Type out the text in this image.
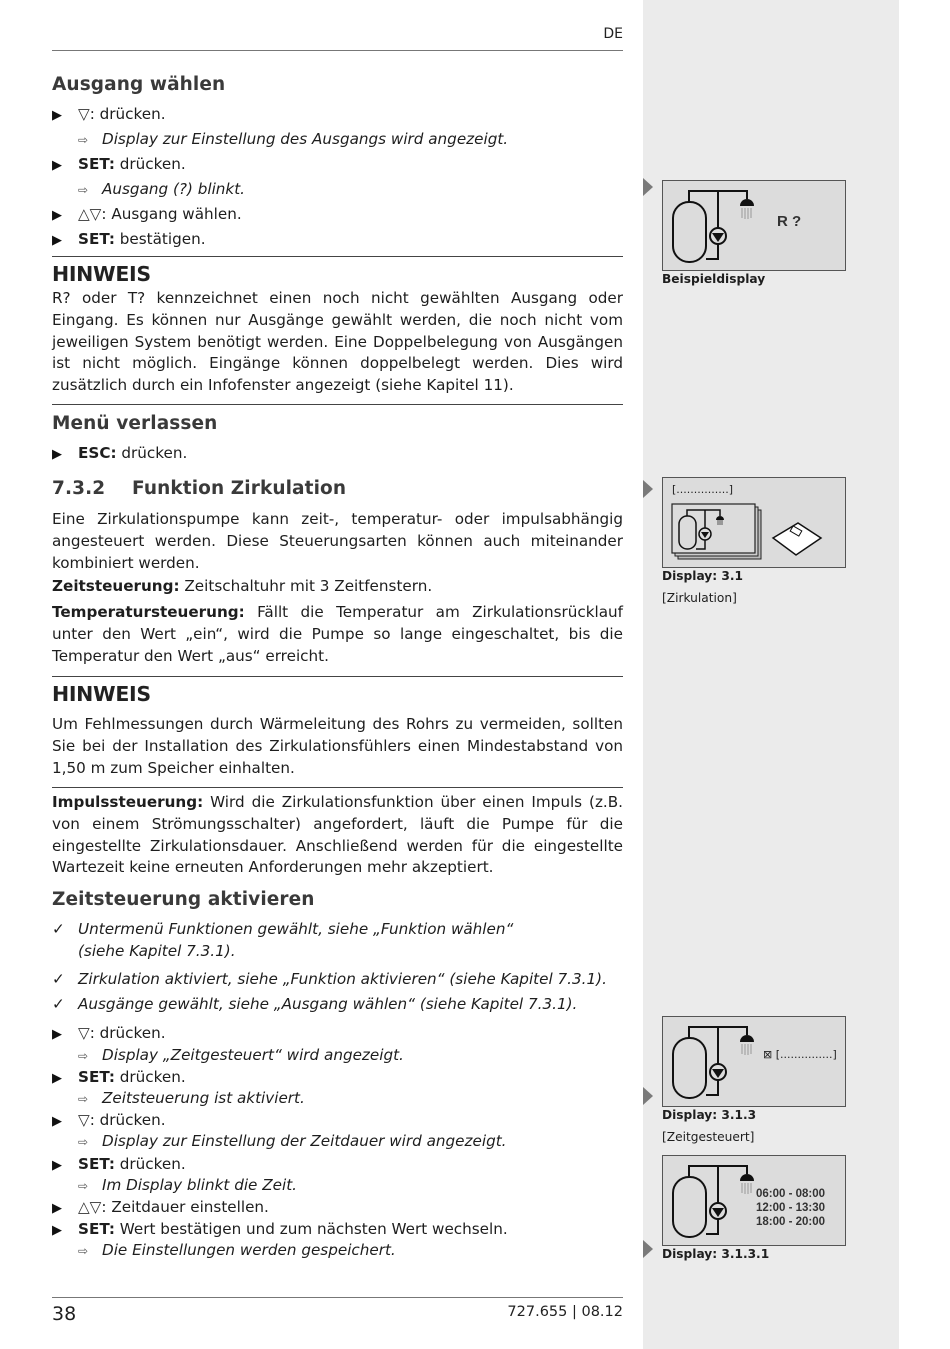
DE
Ausgang wählen
▶ ▽: drücken.
⇨ Display zur Einstellung des Ausgangs wird angezeigt.
▶ SET: drücken.
⇨ Ausgang (?) blinkt.
▶ △▽: Ausgang wählen.
▶ SET: bestätigen.
HINWEIS
R? oder T? kennzeichnet einen noch nicht gewählten Ausgang oder Eingang. Es können nur Ausgänge gewählt werden, die noch nicht vom jeweiligen System benötigt werden. Eine Doppelbelegung von Ausgängen ist nicht möglich. Eingänge können doppelbelegt werden. Dies wird zusätzlich durch ein Infofenster angezeigt (siehe Kapitel 11).
Menü verlassen
▶ ESC: drücken.
7.3.2 Funktion Zirkulation
Eine Zirkulationspumpe kann zeit-, temperatur- oder impulsabhängig angesteuert werden. Diese Steuerungsarten können auch miteinander kombiniert werden.
Zeitsteuerung: Zeitschaltuhr mit 3 Zeitfenstern.
Temperatursteuerung: Fällt die Temperatur am Zirkulationsrücklauf unter den Wert „ein“, wird die Pumpe so lange eingeschaltet, bis die Temperatur den Wert „aus“ erreicht.
HINWEIS
Um Fehlmessungen durch Wärmeleitung des Rohrs zu vermeiden, sollten Sie bei der Installation des Zirkulationsfühlers einen Mindestabstand von 1,50 m zum Speicher einhalten.
Impulssteuerung: Wird die Zirkulationsfunktion über einen Impuls (z.B. von einem Strömungsschalter) angefordert, läuft die Pumpe für die eingestellte Zirkulationsdauer. Anschließend werden für die eingestellte Wartezeit keine erneuten Anforderungen mehr akzeptiert.
Zeitsteuerung aktivieren
✓ Untermenü Funktionen gewählt, siehe „Funktion wählen“
(siehe Kapitel 7.3.1).
✓ Zirkulation aktiviert, siehe „Funktion aktivieren“ (siehe Kapitel 7.3.1).
✓ Ausgänge gewählt, siehe „Ausgang wählen“ (siehe Kapitel 7.3.1).
▶ ▽: drücken.
⇨ Display „Zeitgesteuert“ wird angezeigt.
▶ SET: drücken.
⇨ Zeitsteuerung ist aktiviert.
▶ ▽: drücken.
⇨ Display zur Einstellung der Zeitdauer wird angezeigt.
▶ SET: drücken.
⇨ Im Display blinkt die Zeit.
▶ △▽: Zeitdauer einstellen.
▶ SET: Wert bestätigen und zum nächsten Wert wechseln.
⇨ Die Einstellungen werden gespeichert.
38	727.655 | 08.12
R ?
Beispieldisplay
[...............]
Display: 3.1
[Zirkulation]
⊠ [...............]
Display: 3.1.3
[Zeitgesteuert]
06:00 - 08:00
12:00 - 13:30
18:00 - 20:00
Display: 3.1.3.1
